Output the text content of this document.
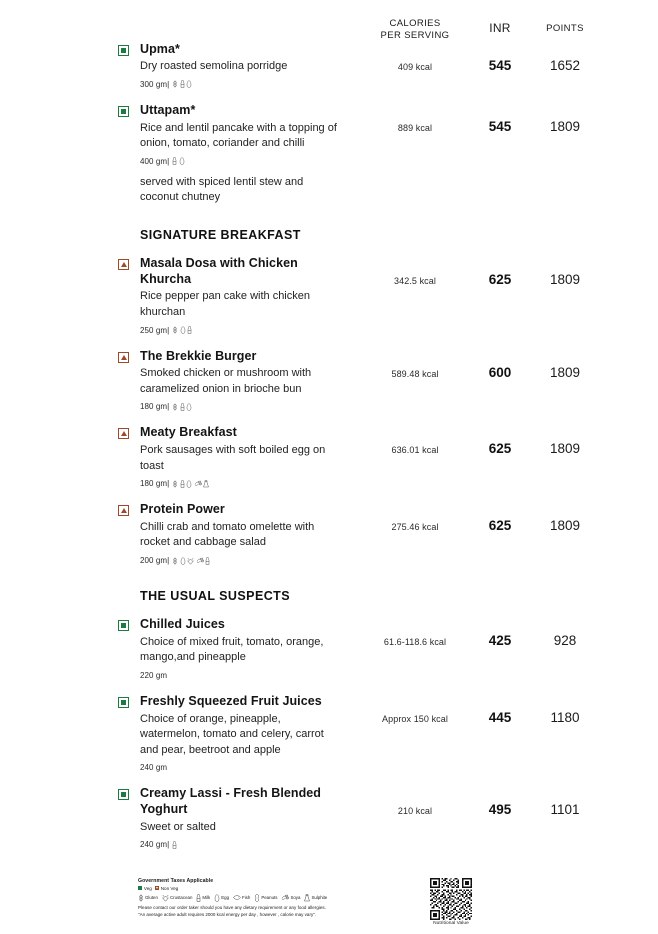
CALORIES
PER SERVING
INR	POINTS
Upma*
Dry roasted semolina porridge
300 gm|
409 kcal	545	1652
Uttapam*
Rice and lentil pancake with a topping of onion, tomato, coriander and chilli
400 gm|
served with spiced lentil stew and coconut chutney
889 kcal	545	1809
SIGNATURE BREAKFAST
Masala Dosa with Chicken Khurcha
Rice pepper pan cake with chicken khurchan
250 gm|
342.5 kcal	625	1809
The Brekkie Burger
Smoked chicken or mushroom with caramelized onion in brioche bun
180 gm|
589.48 kcal	600	1809
Meaty Breakfast
Pork sausages with soft boiled egg on toast
180 gm|
636.01 kcal	625	1809
Protein Power
Chilli crab and tomato omelette with rocket and cabbage salad
200 gm|
275.46 kcal	625	1809
THE USUAL SUSPECTS
Chilled Juices
Choice of mixed fruit, tomato, orange, mango,and pineapple
220 gm
61.6-118.6 kcal	425	928
Freshly Squeezed Fruit Juices
Choice of orange, pineapple, watermelon, tomato and celery, carrot and pear, beetroot and apple
240 gm
Approx 150 kcal	445	1180
Creamy Lassi - Fresh Blended Yoghurt
Sweet or salted
240 gm|
210 kcal	495	1101
Government Taxes Applicable
Veg Non Veg
Gluten	Crustacean Milk	Egg	Fish	Peanuts	Soya	Sulphite
Please contact our order taker should you have any dietary requirement or any food allergies.
"An average active adult requires 2000 kcal energy per day , however , calorie may vary".
Nutritional Value
